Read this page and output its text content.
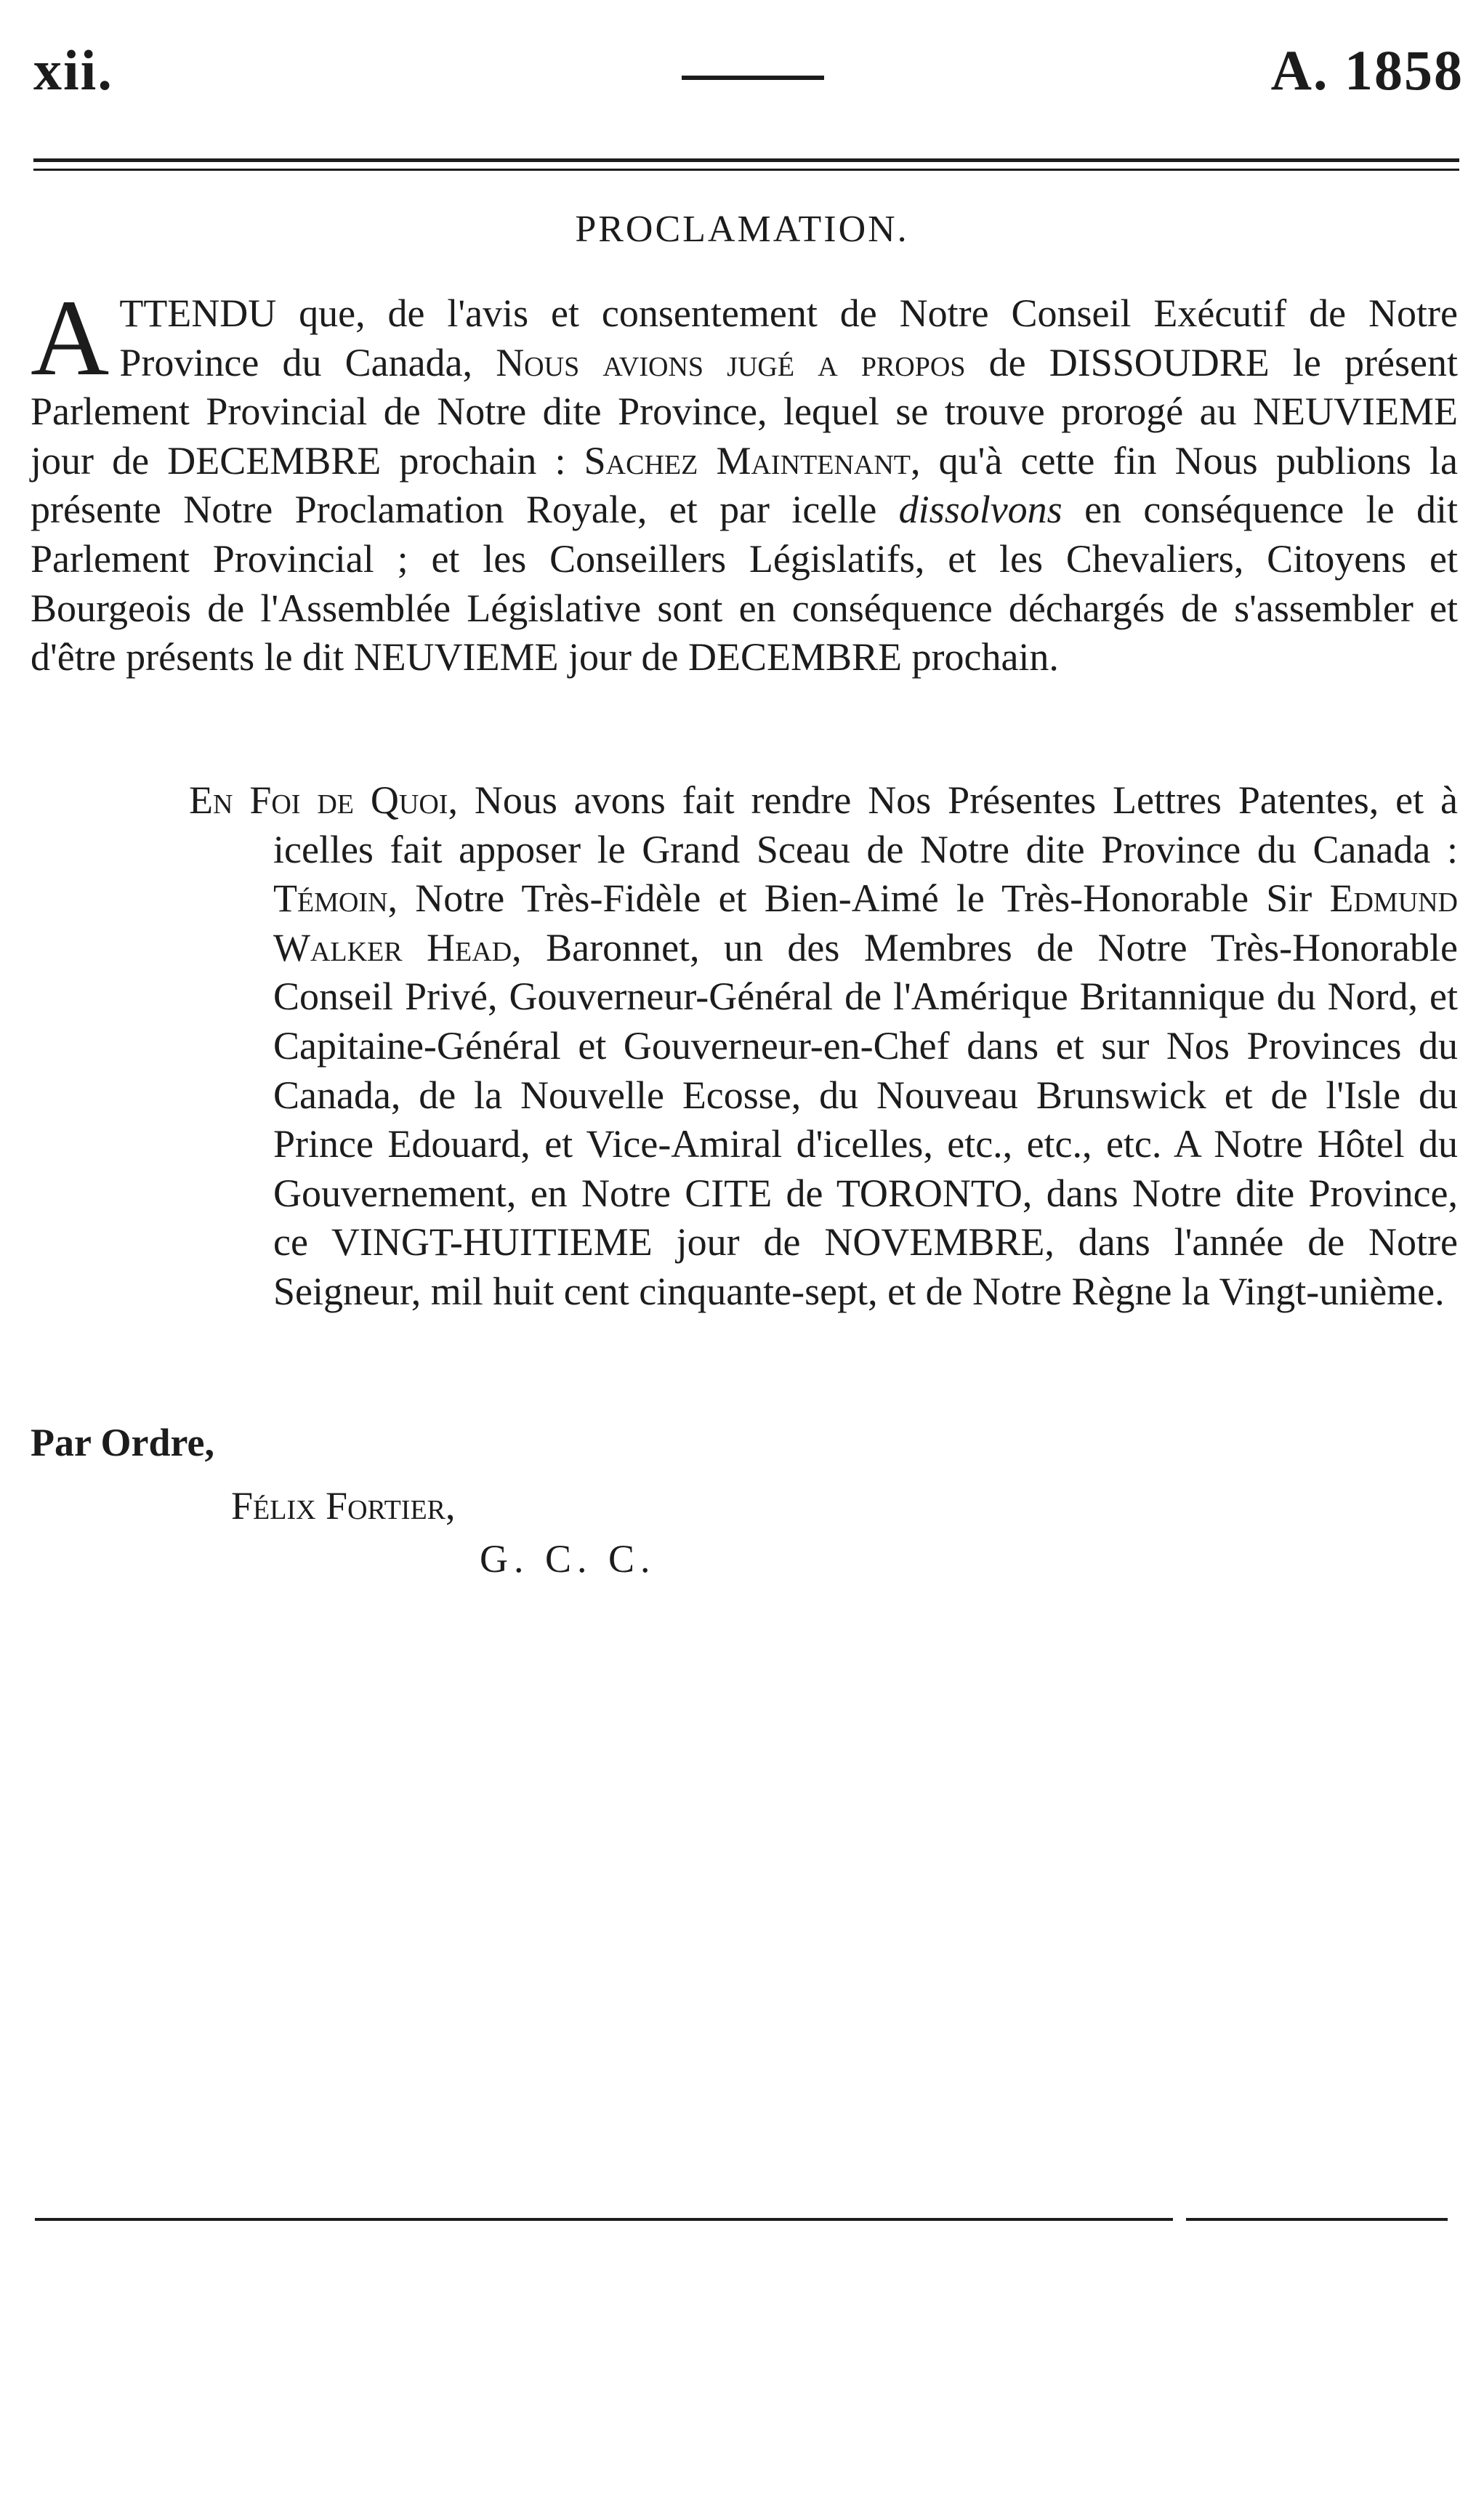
xii.	A. 1858
PROCLAMATION.
ATTENDU que, de l'avis et consentement de Notre Conseil Exécutif de Notre Province du Canada, Nous avions jugé a propos de DISSOUDRE le présent Parlement Provincial de Notre dite Province, lequel se trouve prorogé au NEUVIEME jour de DECEMBRE prochain : Sachez Maintenant, qu'à cette fin Nous publions la présente Notre Proclamation Royale, et par icelle dissolvons en conséquence le dit Parlement Provincial ; et les Conseillers Législatifs, et les Chevaliers, Citoyens et Bourgeois de l'Assemblée Législative sont en conséquence déchargés de s'assembler et d'être présents le dit NEUVIEME jour de DECEMBRE prochain.

En Foi de Quoi, Nous avons fait rendre Nos Présentes Lettres Patentes, et à icelles fait apposer le Grand Sceau de Notre dite Province du Canada : Témoin, Notre Très-Fidèle et Bien-Aimé le Très-Honorable Sir Edmund Walker Head, Baronnet, un des Membres de Notre Très-Honorable Conseil Privé, Gouverneur-Général de l'Amérique Britannique du Nord, et Capitaine-Général et Gouverneur-en-Chef dans et sur Nos Provinces du Canada, de la Nouvelle Ecosse, du Nouveau Brunswick et de l'Isle du Prince Edouard, et Vice-Amiral d'icelles, etc., etc., etc. A Notre Hôtel du Gouvernement, en Notre CITE de TORONTO, dans Notre dite Province, ce VINGT-HUITIEME jour de NOVEMBRE, dans l'année de Notre Seigneur, mil huit cent cinquante-sept, et de Notre Règne la Vingt-unième.

Par Ordre,
Félix Fortier,
G. C. C.
